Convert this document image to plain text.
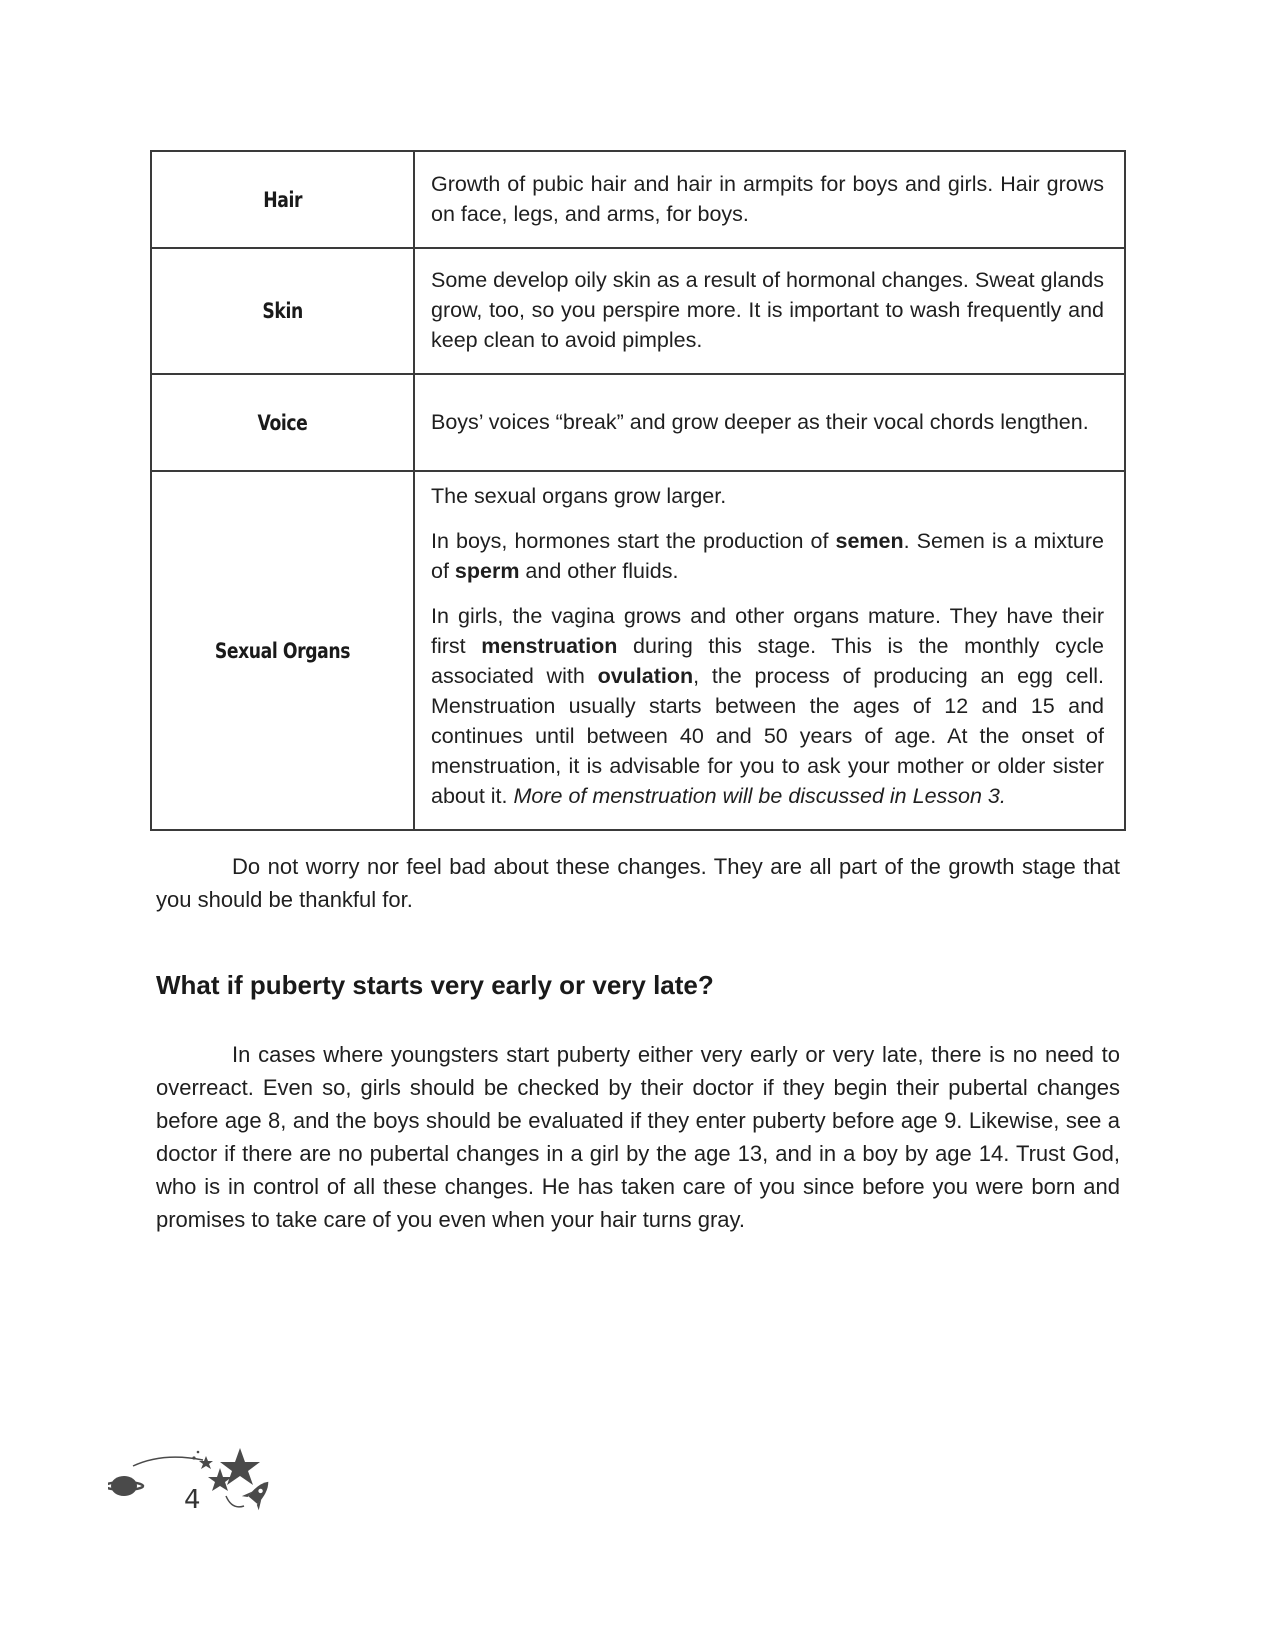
Hair	Growth of pubic hair and hair in armpits for boys and girls. Hair grows on face, legs, and arms, for boys.

Skin	Some develop oily skin as a result of hormonal changes. Sweat glands grow, too, so you perspire more. It is important to wash frequently and keep clean to avoid pimples.

Voice	Boys’ voices “break” and grow deeper as their vocal chords lengthen.

Sexual Organs	The sexual organs grow larger.

In boys, hormones start the production of semen. Semen is a mixture of sperm and other fluids.

In girls, the vagina grows and other organs mature. They have their first menstruation during this stage. This is the monthly cycle associated with ovulation, the process of producing an egg cell. Menstruation usually starts between the ages of 12 and 15 and continues until between 40 and 50 years of age. At the onset of menstruation, it is advisable for you to ask your mother or older sister about it. More of menstruation will be discussed in Lesson 3.

Do not worry nor feel bad about these changes. They are all part of the growth stage that you should be thankful for.

What if puberty starts very early or very late?

In cases where youngsters start puberty either very early or very late, there is no need to overreact. Even so, girls should be checked by their doctor if they begin their pubertal changes before age 8, and the boys should be evaluated if they enter puberty before age 9. Likewise, see a doctor if there are no pubertal changes in a girl by the age 13, and in a boy by age 14. Trust God, who is in control of all these changes. He has taken care of you since before you were born and promises to take care of you even when your hair turns gray.

4
